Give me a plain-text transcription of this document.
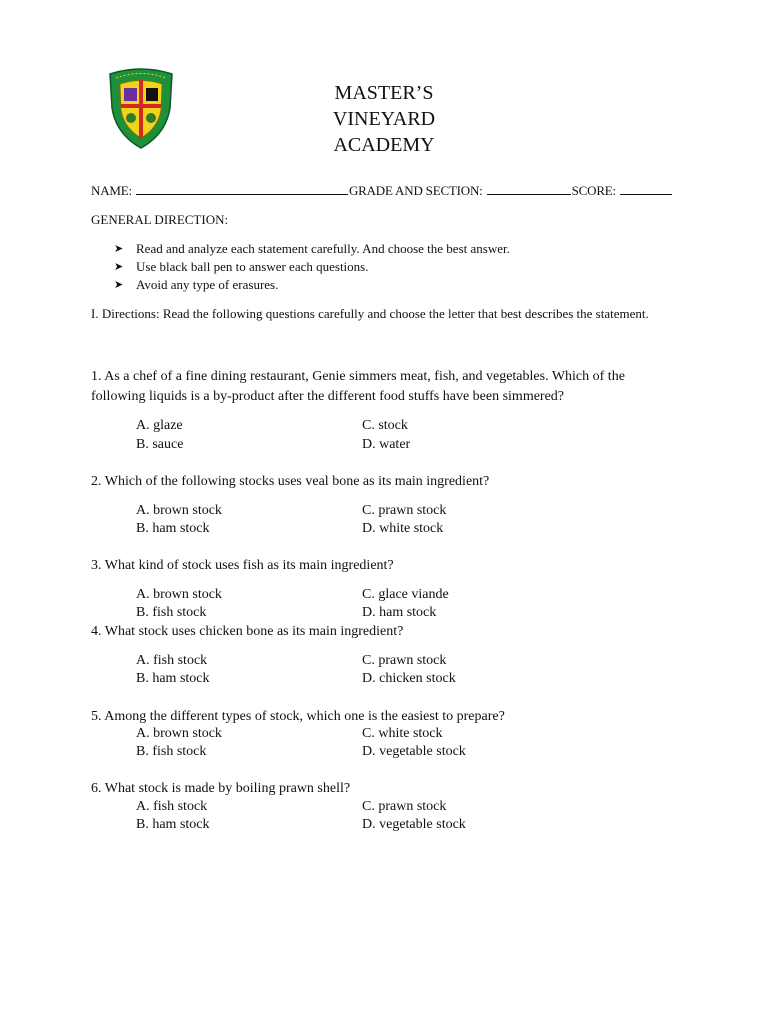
MASTER’S
VINEYARD
ACADEMY
NAME:	GRADE AND SECTION:	SCORE:
GENERAL DIRECTION:
➤ Read and analyze each statement carefully. And choose the best answer.
➤ Use black ball pen to answer each questions.
➤ Avoid any type of erasures.
I. Directions: Read the following questions carefully and choose the letter that best describes the statement.
1. As a chef of a fine dining restaurant, Genie simmers meat, fish, and vegetables. Which of the following liquids is a by-product after the different food stuffs have been simmered?
A. glaze
B. sauce
C. stock
D. water
2. Which of the following stocks uses veal bone as its main ingredient?
A. brown stock
B. ham stock
C. prawn stock
D. white stock
3. What kind of stock uses fish as its main ingredient?
A. brown stock
B. fish stock
C. glace viande
D. ham stock
4. What stock uses chicken bone as its main ingredient?
A. fish stock
B. ham stock
C. prawn stock
D. chicken stock
5. Among the different types of stock, which one is the easiest to prepare?
A. brown stock
B. fish stock
C. white stock
D. vegetable stock
6. What stock is made by boiling prawn shell?
A. fish stock
B. ham stock
C. prawn stock
D. vegetable stock
